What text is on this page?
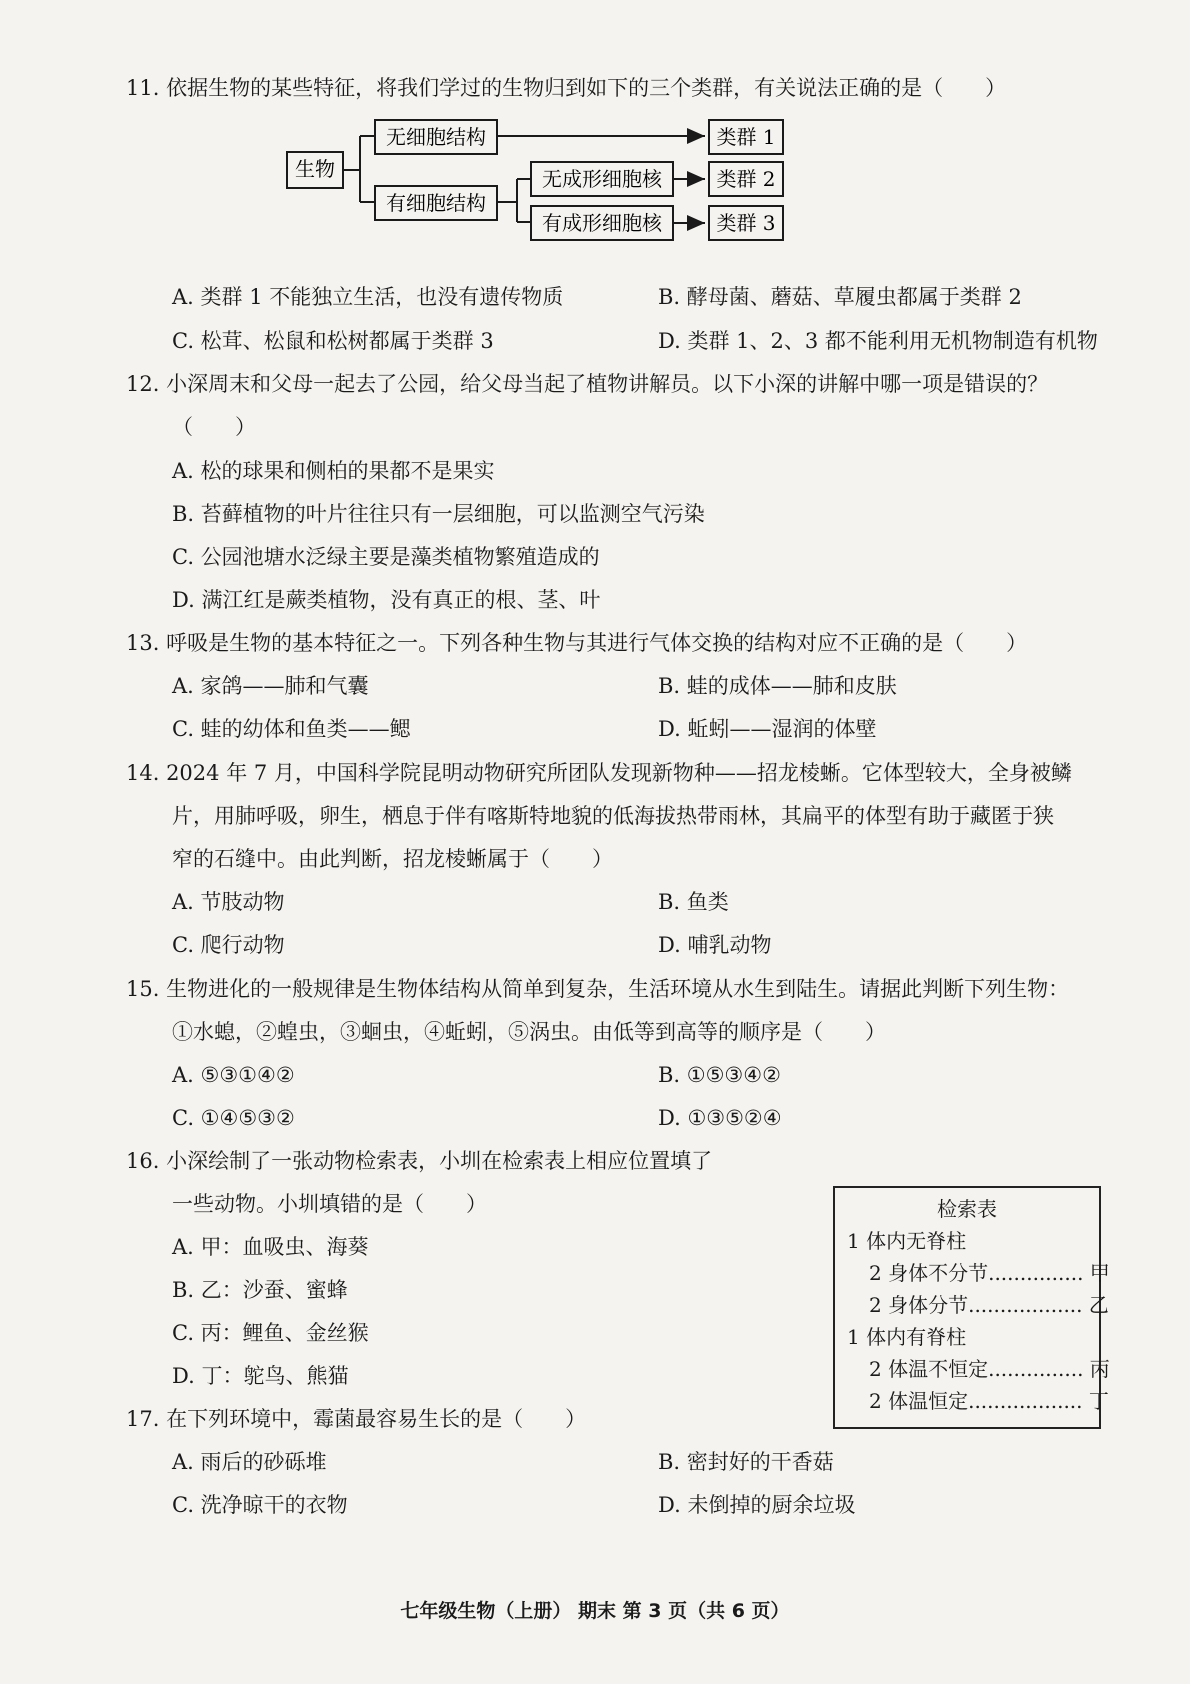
11. 依据生物的某些特征，将我们学过的生物归到如下的三个类群，有关说法正确的是（　　）
生物
无细胞结构
有细胞结构
无成形细胞核
有成形细胞核
类群 1
类群 2
类群 3
A. 类群 1 不能独立生活，也没有遗传物质	B. 酵母菌、蘑菇、草履虫都属于类群 2
C. 松茸、松鼠和松树都属于类群 3	D. 类群 1、2、3 都不能利用无机物制造有机物
12. 小深周末和父母一起去了公园，给父母当起了植物讲解员。以下小深的讲解中哪一项是错误的？
（　　）
A. 松的球果和侧柏的果都不是果实
B. 苔藓植物的叶片往往只有一层细胞，可以监测空气污染
C. 公园池塘水泛绿主要是藻类植物繁殖造成的
D. 满江红是蕨类植物，没有真正的根、茎、叶
13. 呼吸是生物的基本特征之一。下列各种生物与其进行气体交换的结构对应不正确的是（　　）
A. 家鸽——肺和气囊	B. 蛙的成体——肺和皮肤
C. 蛙的幼体和鱼类——鳃	D. 蚯蚓——湿润的体壁
14. 2024 年 7 月，中国科学院昆明动物研究所团队发现新物种——招龙棱蜥。它体型较大，全身被鳞
片，用肺呼吸，卵生，栖息于伴有喀斯特地貌的低海拔热带雨林，其扁平的体型有助于藏匿于狭
窄的石缝中。由此判断，招龙棱蜥属于（　　）
A. 节肢动物	B. 鱼类
C. 爬行动物	D. 哺乳动物
15. 生物进化的一般规律是生物体结构从简单到复杂，生活环境从水生到陆生。请据此判断下列生物：
①水螅，②蝗虫，③蛔虫，④蚯蚓，⑤涡虫。由低等到高等的顺序是（　　）
A. ⑤③①④②	B. ①⑤③④②
C. ①④⑤③②	D. ①③⑤②④
16. 小深绘制了一张动物检索表，小圳在检索表上相应位置填了
一些动物。小圳填错的是（　　）
A. 甲：血吸虫、海葵
B. 乙：沙蚕、蜜蜂
C. 丙：鲤鱼、金丝猴
D. 丁：鸵鸟、熊猫
检索表
1 体内无脊柱
2 身体不分节............... 甲
2 身体分节.................. 乙
1 体内有脊柱
2 体温不恒定............... 丙
2 体温恒定.................. 丁
17. 在下列环境中，霉菌最容易生长的是（　　）
A. 雨后的砂砾堆	B. 密封好的干香菇
C. 洗净晾干的衣物	D. 未倒掉的厨余垃圾
七年级生物（上册） 期末 第 3 页（共 6 页）
